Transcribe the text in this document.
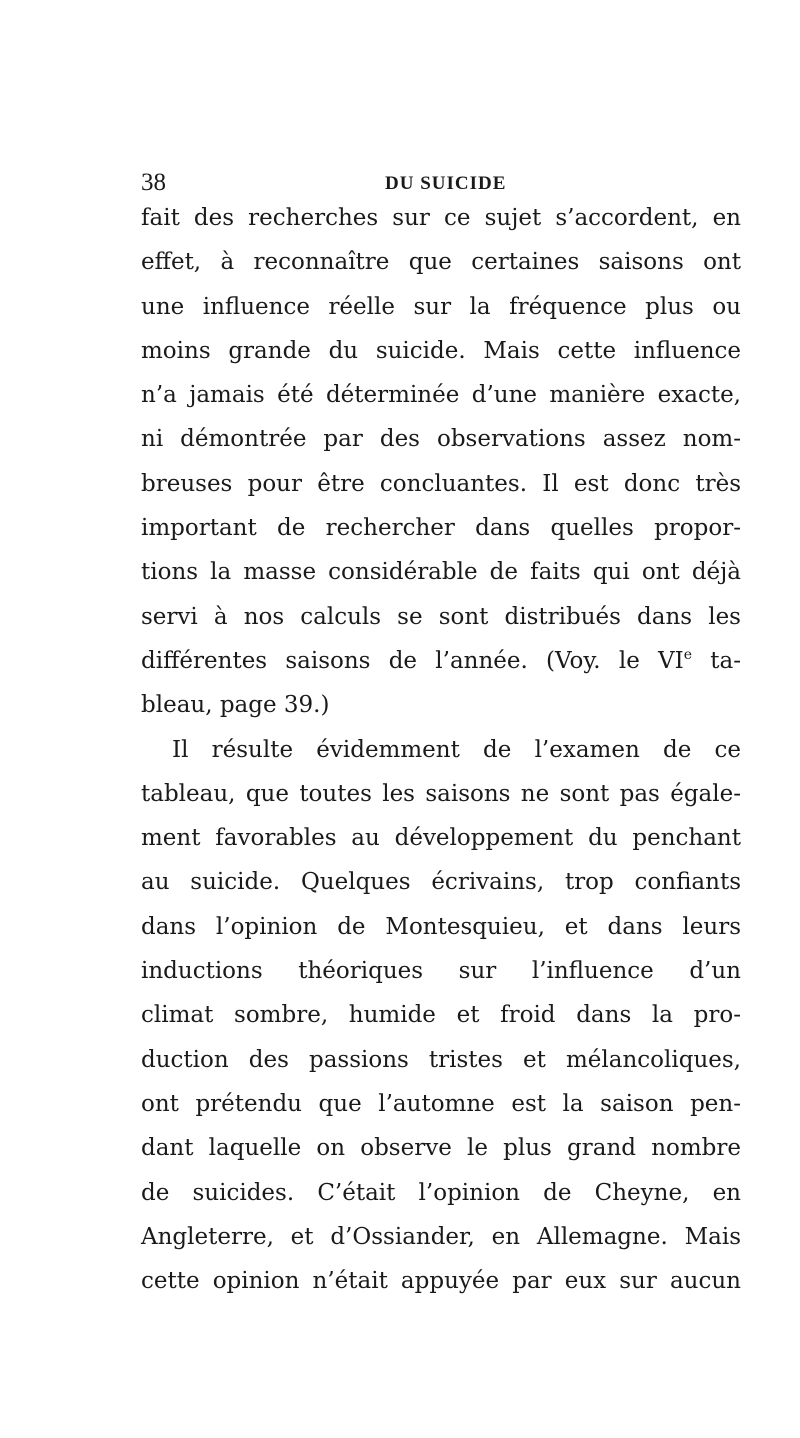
38	DU SUICIDE
fait des recherches sur ce sujet s’accordent, en
effet, à reconnaître que certaines saisons ont
une influence réelle sur la fréquence plus ou
moins grande du suicide. Mais cette influence
n’a jamais été déterminée d’une manière exacte,
ni démontrée par des observations assez nom-
breuses pour être concluantes. Il est donc très
important de rechercher dans quelles propor-
tions la masse considérable de faits qui ont déjà
servi à nos calculs se sont distribués dans les
différentes saisons de l’année. (Voy. le VIe ta-
bleau, page 39.)
Il résulte évidemment de l’examen de ce
tableau, que toutes les saisons ne sont pas égale-
ment favorables au développement du penchant
au suicide. Quelques écrivains, trop confiants
dans l’opinion de Montesquieu, et dans leurs
inductions théoriques sur l’influence d’un
climat sombre, humide et froid dans la pro-
duction des passions tristes et mélancoliques,
ont prétendu que l’automne est la saison pen-
dant laquelle on observe le plus grand nombre
de suicides. C’était l’opinion de Cheyne, en
Angleterre, et d’Ossiander, en Allemagne. Mais
cette opinion n’était appuyée par eux sur aucun
